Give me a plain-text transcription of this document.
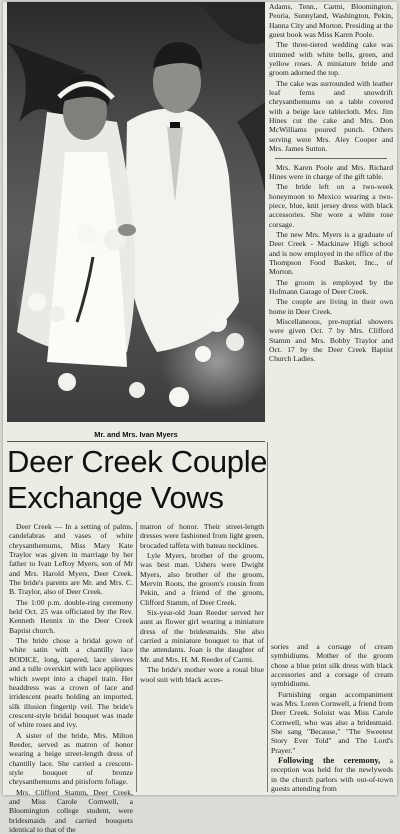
Mr. and Mrs. Ivan Myers

Adams, Tenn., Carmi, Bloomington, Peoria, Sunnyland, Washington, Pekin, Hanna City and Morton. Presiding at the guest book was Miss Karen Poole.

The three-tiered wedding cake was trimmed with white bells, green, and yellow roses. A miniature bride and groom adorned the top.

The cake was surrounded with leather leaf ferns and snowdrift chrysanthemums on a table covered with a beige lace tablecloth. Mrs. Jim Hines cut the cake and Mrs. Don McWilliams poured punch. Others serving were Mrs. Aley Cooper and Mrs. James Sutton.

Mrs. Karen Poole and Mrs. Richard Hines were in charge of the gift table.

The bride left on a two-week honeymoon to Mexico wearing a two-piece, blue, knit jersey dress with black accessories. She wore a white rose corsage.

The new Mrs. Myers is a graduate of Deer Creek - Mackinaw High school and is now employed in the office of the Thompson Food Basket, Inc., of Morton.

The groom is employed by the Hofmann Garage of Deer Creek.

The couple are living in their own home in Deer Creek.

Miscellaneous, pre-nuptial showers were given Oct. 7 by Mrs. Clifford Stamm and Mrs. Bobby Traylor and Oct. 17 by the Deer Creek Baptist Church Ladies.

Deer Creek Couple
Exchange Vows

Deer Creek — In a setting of palms, candelabras and vases of white chrysanthemums, Miss Mary Kate Traylor was given in marriage by her father to Ivan LeRoy Myers, son of Mr and Mrs. Harold Myers, Deer Creek. The bride's parents are Mr. and Mrs. C. B. Traylor, also of Deer Creek.

The 1:00 p.m. double-ring ceremony held Oct. 25 was officiated by the Rev. Kenneth Hennix in the Deer Creek Baptist church.

The bride chose a bridal gown of white satin with a chantilly lace BODICE, long, tapered, lace sleeves and a tulle overskirt with lace appliques which swept into a chapel train. Her headdress was a crown of lace and irridescent pearls holding an imported, silk illusion fingertip veil. The bride's crescent-style bridal bouquet was made of white roses and ivy.

A sister of the bride, Mrs. Milton Reeder, served as matron of honor wearing a beige street-length dress of chantilly lace. She carried a crescent-style bouquet of bronze chrysanthemums and pitisform foliage.

Mrs. Clifford Stamm, Deer Creek, and Miss Carole Cornwell, a Bloomington college student, were bridesmaids and carried bouquets identical to that of the

matron of honor. Their street-length dresses were fashioned from light green, brocaded taffeta with bateau necklines.

Lyle Myers, brother of the groom, was best man. Ushers were Dwight Myers, also brother of the groom, Mervin Roots, the groom's cousin from Pekin, and a friend of the groom, Clifford Stamm, of Deer Creek.

Six-year-old Joan Reeder served her aunt as flower girl wearing a miniature dress of the bridesmaids. She also carried a miniature bouquet to that of the attendants. Joan is the daughter of Mr. and Mrs. H. M. Reeder of Carmi.

The bride's mother wore a roual blue wool suit with black acces-

sories and a corsage of cream symbidiums. Mother of the groom chose a blue print silk dress with black accessories and a corsage of cream symbidiums.

Furnishing organ accompaniment was Mrs. Loren Cornwell, a friend from Deer Creek. Soloist was Miss Carole Cornwell, who was also a bridesmaid. She sang "Because," "The Sweetest Story Ever Told" and The Lord's Prayer."

Following the ceremony, a reception was held for the newlyweds in the church parlors with out-of-town guests attending from
